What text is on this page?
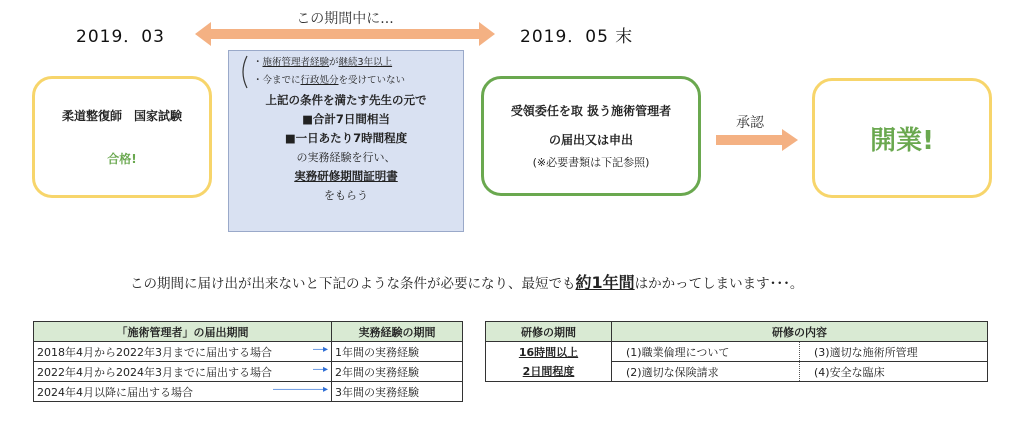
2019．03	2019．05 末
この期間中に...
柔道整復師　国家試験
合格!
・施術管理者経験が継続3年以上
・今までに行政処分を受けていない
上記の条件を満たす先生の元で
■合計7日間相当
■一日あたり7時間程度
の実務経験を行い、
実務研修期間証明書
をもらう
受領委任を取 扱う施術管理者
の届出又は申出
(※必要書類は下記参照)
承認
開業!
この期間に届け出が出来ないと下記のような条件が必要になり、最短でも約1年間はかかってしまいます･･･。
「施術管理者」の届出期間	実務経験の期間
2018年4月から2022年3月までに届出する場合 ―▸	1年間の実務経験
2022年4月から2024年3月までに届出する場合 ―▸	2年間の実務経験
2024年4月以降に届出する場合 ―――――▸	3年間の実務経験
研修の期間	研修の内容	
16時間以上	(1)職業倫理について	(3)適切な施術所管理
2日間程度	(2)適切な保険請求	(4)安全な臨床
